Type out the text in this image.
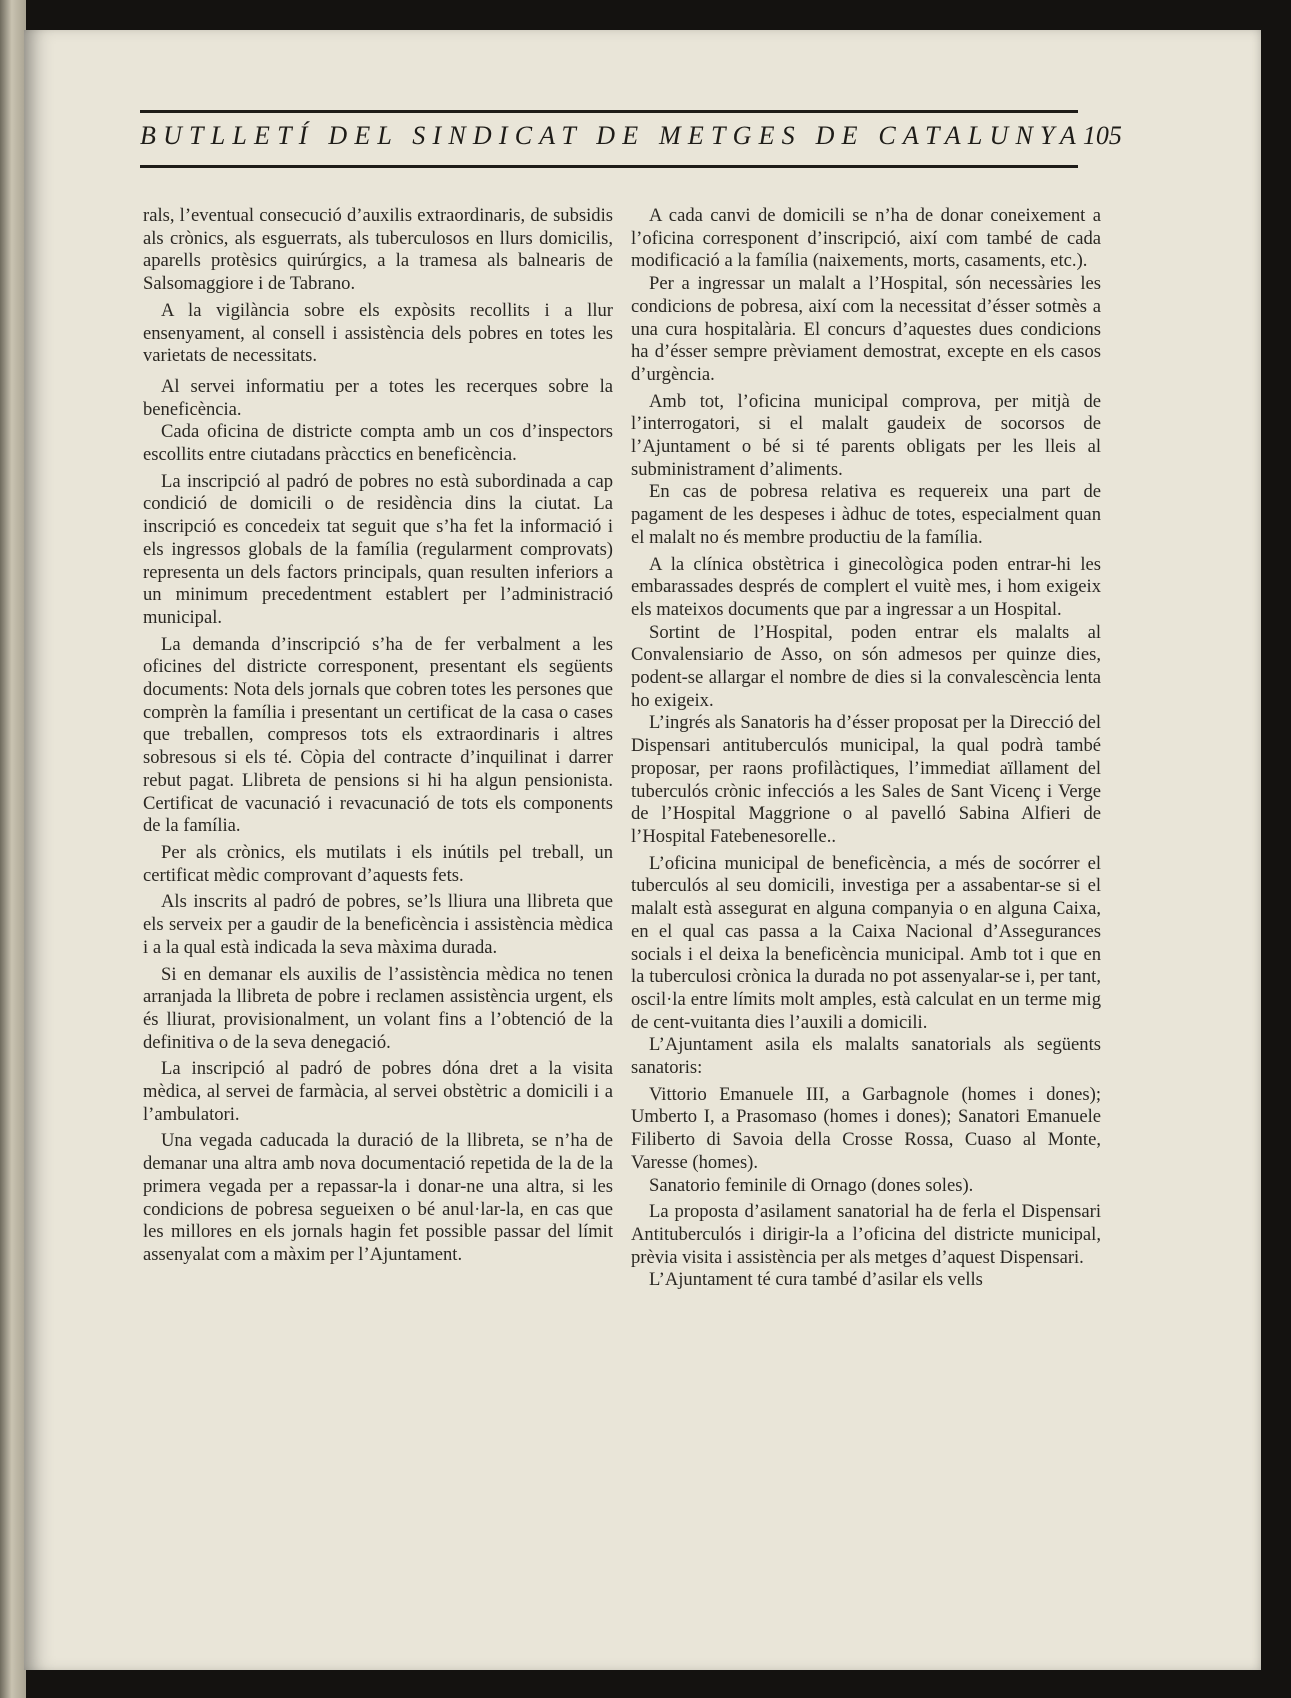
BUTLLETÍ DEL SINDICAT DE METGES DE CATALUNYA 105

rals, l’eventual consecució d’auxilis extraordinaris, de subsidis als crònics, als esguerrats, als tuberculosos en llurs domicilis, aparells protèsics quirúrgics, a la tramesa als balnearis de Salsomaggiore i de Tabrano.

A la vigilància sobre els expòsits recollits i a llur ensenyament, al consell i assistència dels pobres en totes les varietats de necessitats.

Al servei informatiu per a totes les recerques sobre la beneficència.

Cada oficina de districte compta amb un cos d’inspectors escollits entre ciutadans pràcctics en beneficència.

La inscripció al padró de pobres no està subordinada a cap condició de domicili o de residència dins la ciutat. La inscripció es concedeix tat seguit que s’ha fet la informació i els ingressos globals de la família (regularment comprovats) representa un dels factors principals, quan resulten inferiors a un minimum precedentment establert per l’administració municipal.

La demanda d’inscripció s’ha de fer verbalment a les oficines del districte corresponent, presentant els següents documents: Nota dels jornals que cobren totes les persones que comprèn la família i presentant un certificat de la casa o cases que treballen, compresos tots els extraordinaris i altres sobresous si els té. Còpia del contracte d’inquilinat i darrer rebut pagat. Llibreta de pensions si hi ha algun pensionista. Certificat de vacunació i revacunació de tots els components de la família.

Per als crònics, els mutilats i els inútils pel treball, un certificat mèdic comprovant d’aquests fets.

Als inscrits al padró de pobres, se’ls lliura una llibreta que els serveix per a gaudir de la beneficència i assistència mèdica i a la qual està indicada la seva màxima durada.

Si en demanar els auxilis de l’assistència mèdica no tenen arranjada la llibreta de pobre i reclamen assistència urgent, els és lliurat, provisionalment, un volant fins a l’obtenció de la definitiva o de la seva denegació.

La inscripció al padró de pobres dóna dret a la visita mèdica, al servei de farmàcia, al servei obstètric a domicili i a l’ambulatori.

Una vegada caducada la duració de la llibreta, se n’ha de demanar una altra amb nova documentació repetida de la de la primera vegada per a repassar-la i donar-ne una altra, si les condicions de pobresa segueixen o bé anul·lar-la, en cas que les millores en els jornals hagin fet possible passar del límit assenyalat com a màxim per l’Ajuntament.

A cada canvi de domicili se n’ha de donar coneixement a l’oficina corresponent d’inscripció, així com també de cada modificació a la família (naixements, morts, casaments, etc.).

Per a ingressar un malalt a l’Hospital, són necessàries les condicions de pobresa, així com la necessitat d’ésser sotmès a una cura hospitalària. El concurs d’aquestes dues condicions ha d’ésser sempre prèviament demostrat, excepte en els casos d’urgència.

Amb tot, l’oficina municipal comprova, per mitjà de l’interrogatori, si el malalt gaudeix de socorsos de l’Ajuntament o bé si té parents obligats per les lleis al subministrament d’aliments.

En cas de pobresa relativa es requereix una part de pagament de les despeses i àdhuc de totes, especialment quan el malalt no és membre productiu de la família.

A la clínica obstètrica i ginecològica poden entrar-hi les embarassades després de complert el vuitè mes, i hom exigeix els mateixos documents que par a ingressar a un Hospital.

Sortint de l’Hospital, poden entrar els malalts al Convalensiario de Asso, on són admesos per quinze dies, podent-se allargar el nombre de dies si la convalescència lenta ho exigeix.

L’ingrés als Sanatoris ha d’ésser proposat per la Direcció del Dispensari antituberculós municipal, la qual podrà també proposar, per raons profilàctiques, l’immediat aïllament del tuberculós crònic infecciós a les Sales de Sant Vicenç i Verge de l’Hospital Maggrione o al pavelló Sabina Alfieri de l’Hospital Fatebenesorelle..

L’oficina municipal de beneficència, a més de socórrer el tuberculós al seu domicili, investiga per a assabentar-se si el malalt està assegurat en alguna companyia o en alguna Caixa, en el qual cas passa a la Caixa Nacional d’Assegurances socials i el deixa la beneficència municipal. Amb tot i que en la tuberculosi crònica la durada no pot assenyalar-se i, per tant, oscil·la entre límits molt amples, està calculat en un terme mig de cent-vuitanta dies l’auxili a domicili.

L’Ajuntament asila els malalts sanatorials als següents sanatoris:

Vittorio Emanuele III, a Garbagnole (homes i dones); Umberto I, a Prasomaso (homes i dones); Sanatori Emanuele Filiberto di Savoia della Crosse Rossa, Cuaso al Monte, Varesse (homes).

Sanatorio feminile di Ornago (dones soles).

La proposta d’asilament sanatorial ha de ferla el Dispensari Antituberculós i dirigir-la a l’oficina del districte municipal, prèvia visita i assistència per als metges d’aquest Dispensari.

L’Ajuntament té cura també d’asilar els vells
